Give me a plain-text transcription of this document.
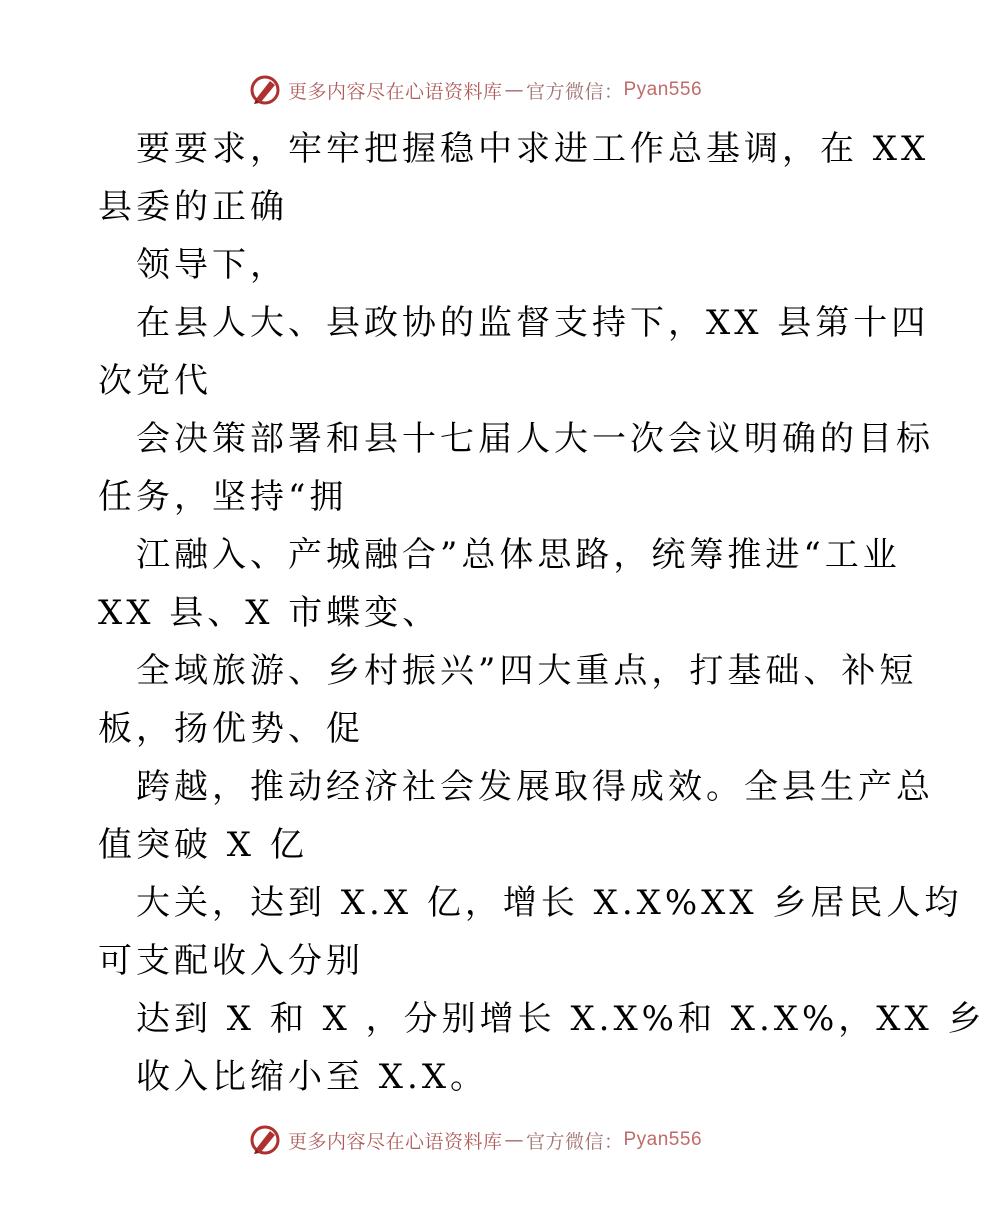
更多内容尽在心语资料库 — 官方微信： Pyan556
要要求，牢牢把握稳中求进工作总基调，在 XX
县委的正确
领导下，
在县人大、县政协的监督支持下，XX 县第十四
次党代
会决策部署和县十七届人大一次会议明确的目标
任务，坚持“拥
江融入、产城融合”总体思路，统筹推进“工业
XX 县、X 市蝶变、
全域旅游、乡村振兴”四大重点，打基础、补短
板，扬优势、促
跨越，推动经济社会发展取得成效。全县生产总
值突破 X 亿
大关，达到 X.X 亿，增长 X.X%XX 乡居民人均
可支配收入分别
达到 X 和 X ，分别增长 X.X%和 X.X%，XX 乡
收入比缩小至 X.X。
更多内容尽在心语资料库 — 官方微信： Pyan556
